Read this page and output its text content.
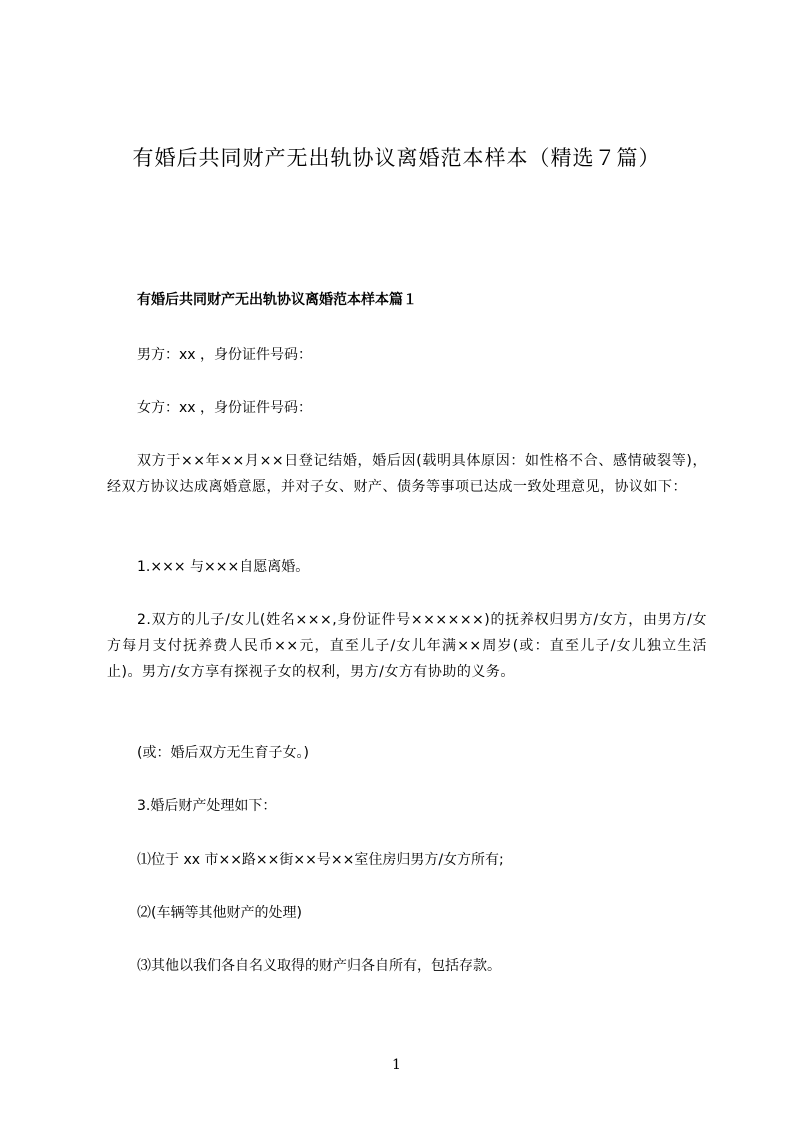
有婚后共同财产无出轨协议离婚范本样本（精选７篇）
有婚后共同财产无出轨协议离婚范本样本篇１
男方：xx ，身份证件号码：
女方：xx ，身份证件号码：
双方于××年××月××日登记结婚，婚后因(载明具体原因：如性格不合、感情破裂等)，经双方协议达成离婚意愿，并对子女、财产、债务等事项已达成一致处理意见，协议如下：
1.××× 与×××自愿离婚。
2.双方的儿子/女儿(姓名×××,身份证件号××××××)的抚养权归男方/女方，由男方/女方每月支付抚养费人民币××元，直至儿子/女儿年满××周岁(或：直至儿子/女儿独立生活止)。男方/女方享有探视子女的权利，男方/女方有协助的义务。
(或：婚后双方无生育子女。)
3.婚后财产处理如下：
⑴位于 xx 市××路××街××号××室住房归男方/女方所有;
⑵(车辆等其他财产的处理)
⑶其他以我们各自名义取得的财产归各自所有，包括存款。
1
